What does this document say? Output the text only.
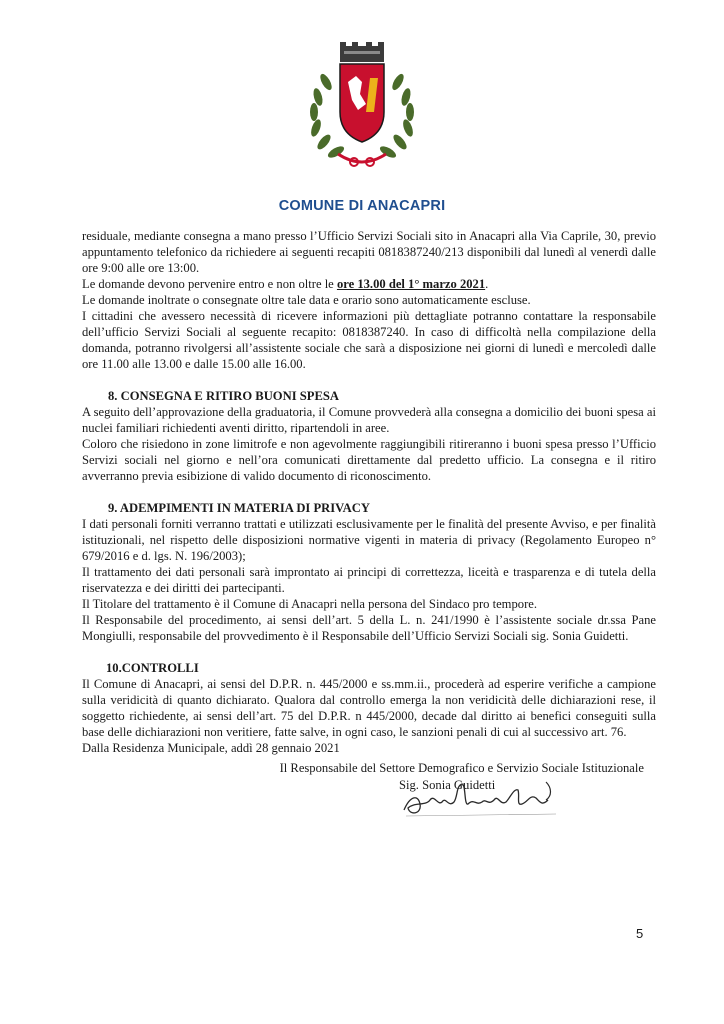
COMUNE DI ANACAPRI

residuale, mediante consegna a mano presso l’Ufficio Servizi Sociali sito in Anacapri alla Via Caprile, 30, previo appuntamento telefonico da richiedere ai seguenti recapiti 0818387240/213 disponibili dal lunedì al venerdì dalle ore 9:00 alle ore 13:00.

Le domande devono pervenire entro e non oltre le ore 13.00 del 1° marzo 2021.

Le domande inoltrate o consegnate oltre tale data e orario sono automaticamente escluse.

I cittadini che avessero necessità di ricevere informazioni più dettagliate potranno contattare la responsabile dell’ufficio Servizi Sociali al seguente recapito: 0818387240. In caso di difficoltà nella compilazione della domanda, potranno rivolgersi all’assistente sociale che sarà a disposizione nei giorni di lunedì e mercoledì dalle ore 11.00 alle 13.00 e dalle 15.00 alle 16.00.

8. CONSEGNA E RITIRO BUONI SPESA

A seguito dell’approvazione della graduatoria, il Comune provvederà alla consegna a domicilio dei buoni spesa ai nuclei familiari richiedenti aventi diritto, ripartendoli in aree.

Coloro che risiedono in zone limitrofe e non agevolmente raggiungibili ritireranno i buoni spesa presso l’Ufficio Servizi sociali nel giorno e nell’ora comunicati direttamente dal predetto ufficio. La consegna e il ritiro avverranno previa esibizione di valido documento di riconoscimento.

9. ADEMPIMENTI IN MATERIA DI PRIVACY

I dati personali forniti verranno trattati e utilizzati esclusivamente per le finalità del presente Avviso, e per finalità istituzionali, nel rispetto delle disposizioni normative vigenti in materia di privacy (Regolamento Europeo n° 679/2016 e d. lgs. N. 196/2003);

Il trattamento dei dati personali sarà improntato ai principi di correttezza, liceità e trasparenza e di tutela della riservatezza e dei diritti dei partecipanti.

Il Titolare del trattamento è il Comune di Anacapri nella persona del Sindaco pro tempore.

Il Responsabile del procedimento, ai sensi dell’art. 5 della L. n. 241/1990 è l’assistente sociale dr.ssa Pane Mongiulli, responsabile del provvedimento è il Responsabile dell’Ufficio Servizi Sociali sig. Sonia Guidetti.

10.CONTROLLI

Il Comune di Anacapri, ai sensi del D.P.R. n. 445/2000 e ss.mm.ii., procederà ad esperire verifiche a campione sulla veridicità di quanto dichiarato. Qualora dal controllo emerga la non veridicità delle dichiarazioni rese, il soggetto richiedente, ai sensi dell’art. 75 del D.P.R. n 445/2000, decade dal diritto ai benefici conseguiti sulla base delle dichiarazioni non veritiere, fatte salve, in ogni caso, le sanzioni penali di cui al successivo art. 76.

Dalla Residenza Municipale, addì 28 gennaio 2021

Il Responsabile del Settore Demografico e Servizio Sociale Istituzionale
Sig. Sonia Guidetti
5
